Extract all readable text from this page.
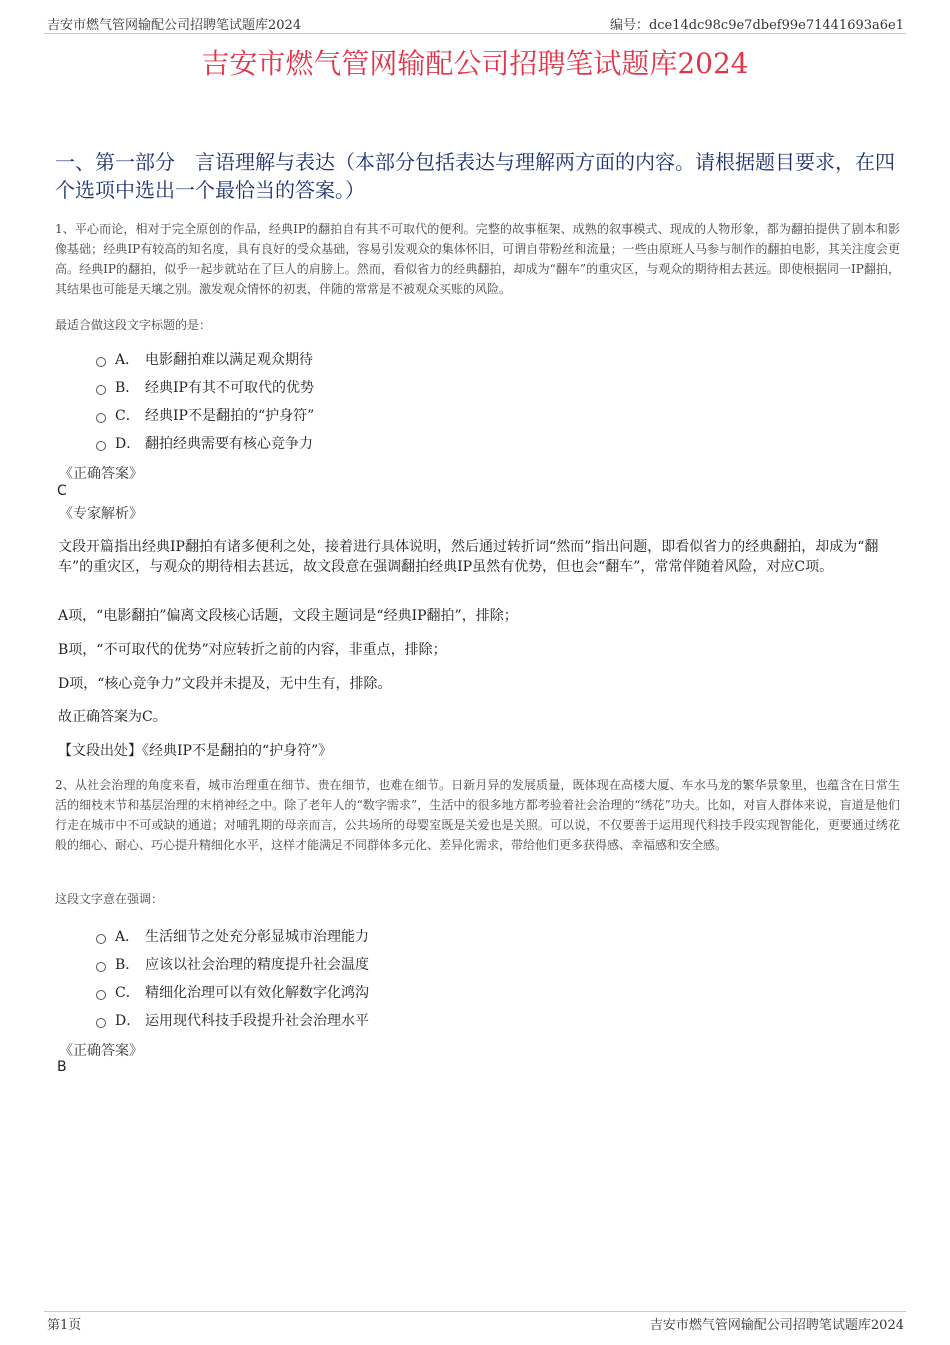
吉安市燃气管网输配公司招聘笔试题库2024	编号：dce14dc98c9e7dbef99e71441693a6e1
吉安市燃气管网输配公司招聘笔试题库2024
一、第一部分　言语理解与表达（本部分包括表达与理解两方面的内容。请根据题目要求，在四个选项中选出一个最恰当的答案。）
1、平心而论，相对于完全原创的作品，经典IP的翻拍自有其不可取代的便利。完整的故事框架、成熟的叙事模式、现成的人物形象，都为翻拍提供了剧本和影像基础；经典IP有较高的知名度，具有良好的受众基础，容易引发观众的集体怀旧，可谓自带粉丝和流量；一些由原班人马参与制作的翻拍电影，其关注度会更高。经典IP的翻拍，似乎一起步就站在了巨人的肩膀上。然而，看似省力的经典翻拍，却成为“翻车”的重灾区，与观众的期待相去甚远。即使根据同一IP翻拍，其结果也可能是天壤之别。激发观众情怀的初衷，伴随的常常是不被观众买账的风险。
最适合做这段文字标题的是：
A． 电影翻拍难以满足观众期待
B． 经典IP有其不可取代的优势
C． 经典IP不是翻拍的“护身符”
D． 翻拍经典需要有核心竞争力
《正确答案》
C
《专家解析》
文段开篇指出经典IP翻拍有诸多便利之处，接着进行具体说明，然后通过转折词“然而”指出问题，即看似省力的经典翻拍，却成为“翻车”的重灾区，与观众的期待相去甚远，故文段意在强调翻拍经典IP虽然有优势，但也会“翻车”，常常伴随着风险，对应C项。
A项，“电影翻拍”偏离文段核心话题，文段主题词是“经典IP翻拍”，排除；
B项，“不可取代的优势”对应转折之前的内容，非重点，排除；
D项，“核心竞争力”文段并未提及，无中生有，排除。
故正确答案为C。
【文段出处】《经典IP不是翻拍的“护身符”》
2、从社会治理的角度来看，城市治理重在细节、贵在细节，也难在细节。日新月异的发展质量，既体现在高楼大厦、车水马龙的繁华景象里，也蕴含在日常生活的细枝末节和基层治理的末梢神经之中。除了老年人的“数字需求”，生活中的很多地方都考验着社会治理的“绣花”功夫。比如，对盲人群体来说，盲道是他们行走在城市中不可或缺的通道；对哺乳期的母亲而言，公共场所的母婴室既是关爱也是关照。可以说，不仅要善于运用现代科技手段实现智能化，更要通过绣花般的细心、耐心、巧心提升精细化水平，这样才能满足不同群体多元化、差异化需求，带给他们更多获得感、幸福感和安全感。
这段文字意在强调：
A． 生活细节之处充分彰显城市治理能力
B． 应该以社会治理的精度提升社会温度
C． 精细化治理可以有效化解数字化鸿沟
D． 运用现代科技手段提升社会治理水平
《正确答案》
B
第1页	吉安市燃气管网输配公司招聘笔试题库2024
